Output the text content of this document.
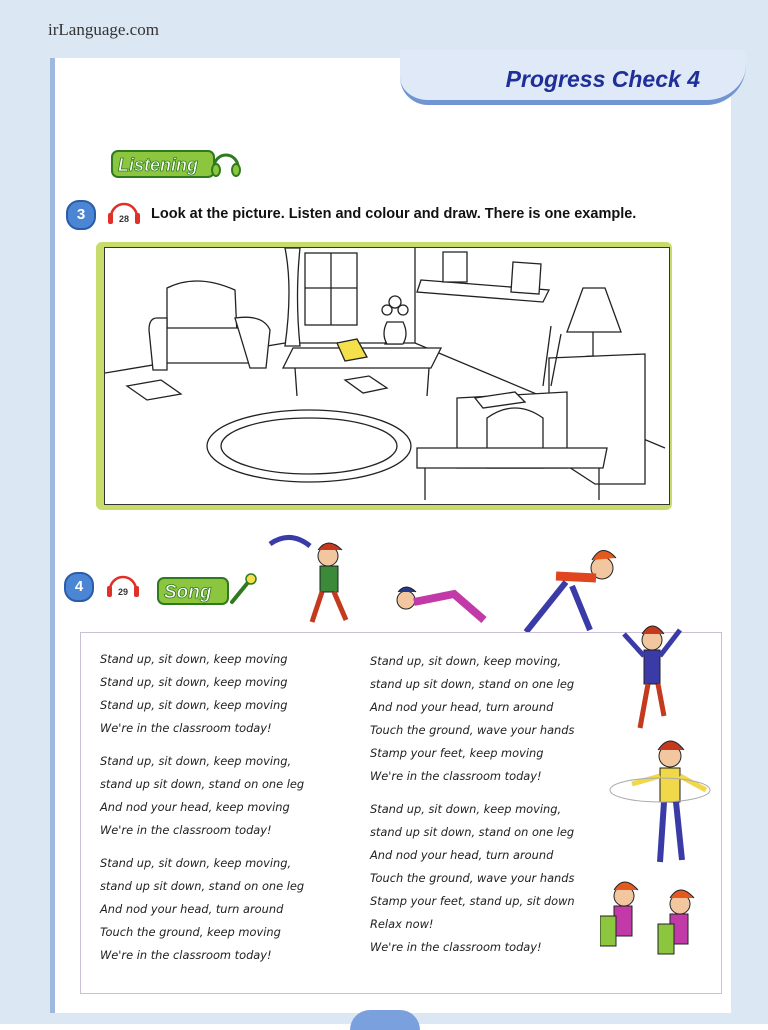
irLanguage.com
Progress Check 4
Listening
3	28 Look at the picture. Listen and colour and draw. There is one example.
4	29 Song
Stand up, sit down, keep moving
Stand up, sit down, keep moving
Stand up, sit down, keep moving
We're in the classroom today!
Stand up, sit down, keep moving,
stand up sit down, stand on one leg
And nod your head, keep moving
We're in the classroom today!
Stand up, sit down, keep moving,
stand up sit down, stand on one leg
And nod your head, turn around
Touch the ground, keep moving
We're in the classroom today!
Stand up, sit down, keep moving,
stand up sit down, stand on one leg
And nod your head, turn around
Touch the ground, wave your hands
Stamp your feet, keep moving
We're in the classroom today!
Stand up, sit down, keep moving,
stand up sit down, stand on one leg
And nod your head, turn around
Touch the ground, wave your hands
Stamp your feet, stand up, sit down
Relax now!
We're in the classroom today!
